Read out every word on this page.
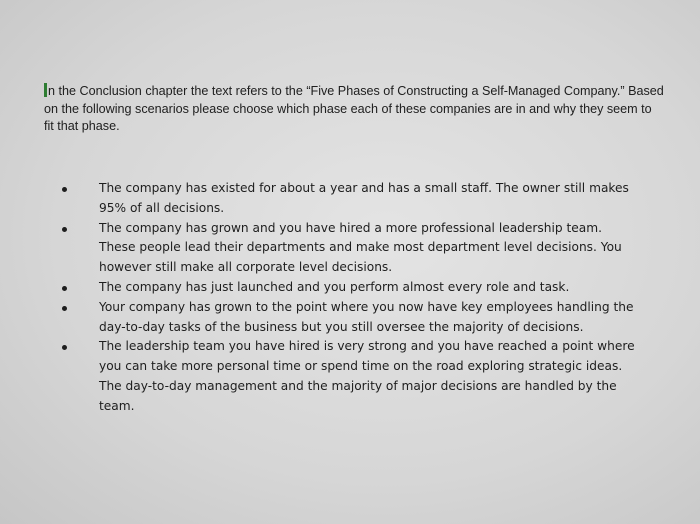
n the Conclusion chapter the text refers to the “Five Phases of Constructing a Self-Managed Company.” Based on the following scenarios please choose which phase each of these companies are in and why they seem to fit that phase.

The company has existed for about a year and has a small staff. The owner still makes 95% of all decisions.
The company has grown and you have hired a more professional leadership team. These people lead their departments and make most department level decisions. You however still make all corporate level decisions.
The company has just launched and you perform almost every role and task.
Your company has grown to the point where you now have key employees handling the day-to-day tasks of the business but you still oversee the majority of decisions.
The leadership team you have hired is very strong and you have reached a point where you can take more personal time or spend time on the road exploring strategic ideas. The day-to-day management and the majority of major decisions are handled by the team.
